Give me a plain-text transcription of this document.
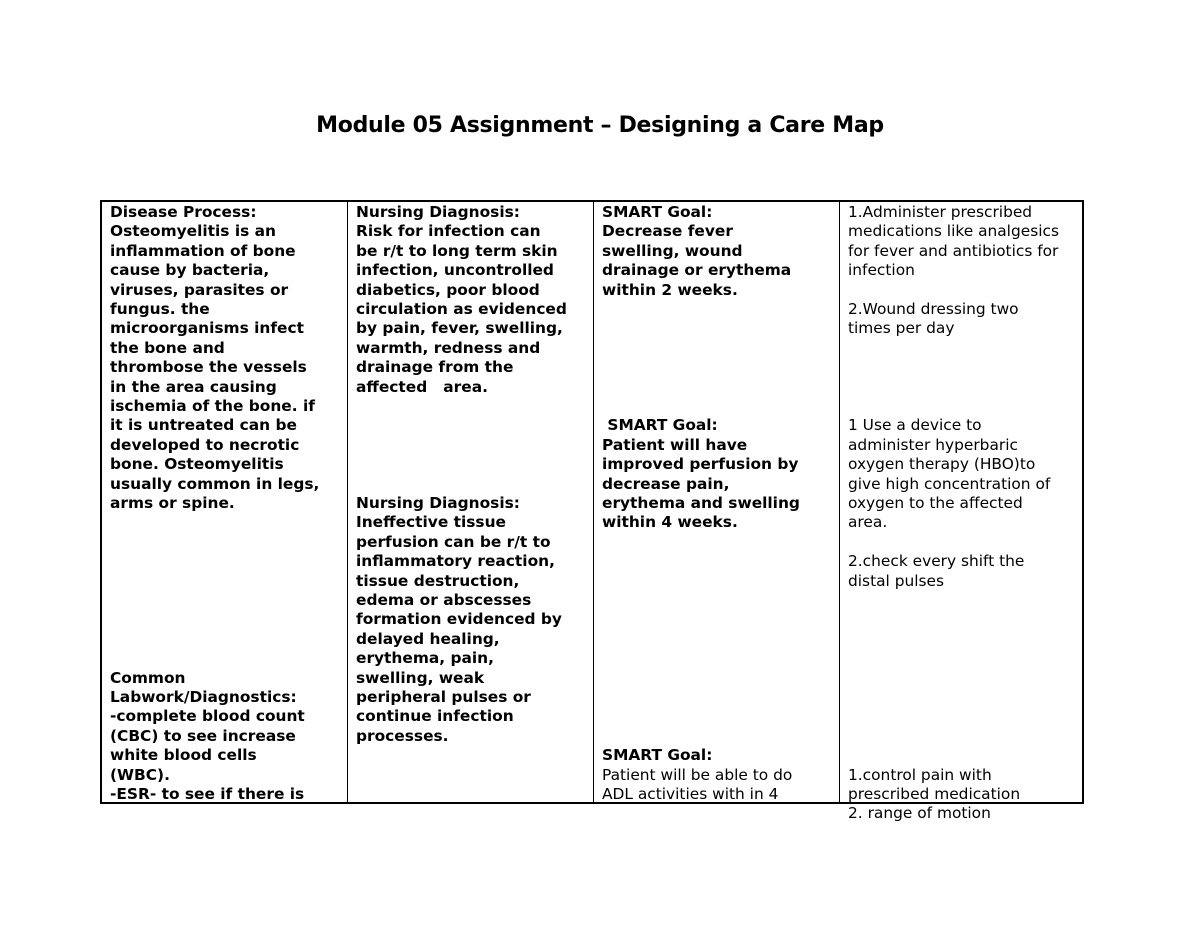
Module 05 Assignment – Designing a Care Map
Disease Process:
Osteomyelitis is an
inflammation of bone
cause by bacteria,
viruses, parasites or
fungus. the
microorganisms infect
the bone and
thrombose the vessels
in the area causing
ischemia of the bone. if
it is untreated can be
developed to necrotic
bone. Osteomyelitis
usually common in legs,
arms or spine.
Common
Labwork/Diagnostics:
-complete blood count
(CBC) to see increase
white blood cells
(WBC).
-ESR- to see if there is
Nursing Diagnosis:
Risk for infection can
be r/t to long term skin
infection, uncontrolled
diabetics, poor blood
circulation as evidenced
by pain, fever, swelling,
warmth, redness and
drainage from the
affected   area.
Nursing Diagnosis:
Ineffective tissue
perfusion can be r/t to
inflammatory reaction,
tissue destruction,
edema or abscesses
formation evidenced by
delayed healing,
erythema, pain,
swelling, weak
peripheral pulses or
continue infection
processes.
SMART Goal:
Decrease fever
swelling, wound
drainage or erythema
within 2 weeks.
SMART Goal:
Patient will have
improved perfusion by
decrease pain,
erythema and swelling
within 4 weeks.
SMART Goal:
Patient will be able to do
ADL activities with in 4
1.Administer prescribed
medications like analgesics
for fever and antibiotics for
infection
2.Wound dressing two
times per day
1 Use a device to
administer hyperbaric
oxygen therapy (HBO)to
give high concentration of
oxygen to the affected
area.
2.check every shift the
distal pulses
1.control pain with
prescribed medication
2. range of motion
